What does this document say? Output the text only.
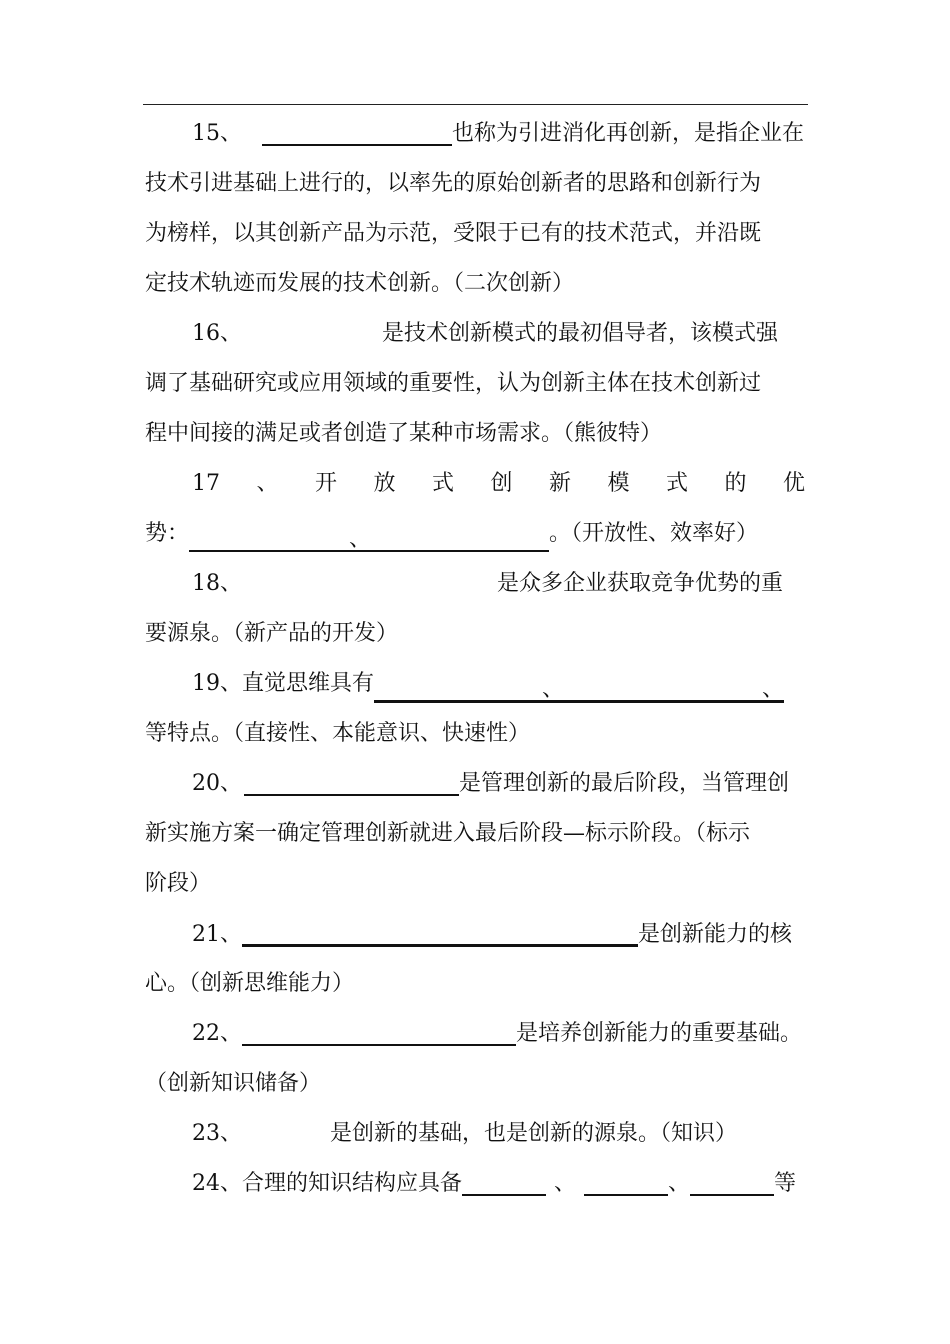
15、	也称为引进消化再创新，是指企业在
技术引进基础上进行的，以率先的原始创新者的思路和创新行为
为榜样，以其创新产品为示范，受限于已有的技术范式，并沿既
定技术轨迹而发展的技术创新。（二次创新）
16、	是技术创新模式的最初倡导者，该模式强
调了基础研究或应用领域的重要性，认为创新主体在技术创新过
程中间接的满足或者创造了某种市场需求。（熊彼特）
17 、 开 放 式 创 新 模 式 的 优
势：	、	。（开放性、效率好）
18、	是众多企业获取竞争优势的重
要源泉。（新产品的开发）
19、直觉思维具有	、	、
等特点。（直接性、本能意识、快速性）
20、	是管理创新的最后阶段，当管理创
新实施方案一确定管理创新就进入最后阶段—标示阶段。（标示
阶段）
21、	是创新能力的核
心。（创新思维能力）
22、	是培养创新能力的重要基础。
（创新知识储备）
23、	是创新的基础，也是创新的源泉。（知识）
24、合理的知识结构应具备	、	、	等
